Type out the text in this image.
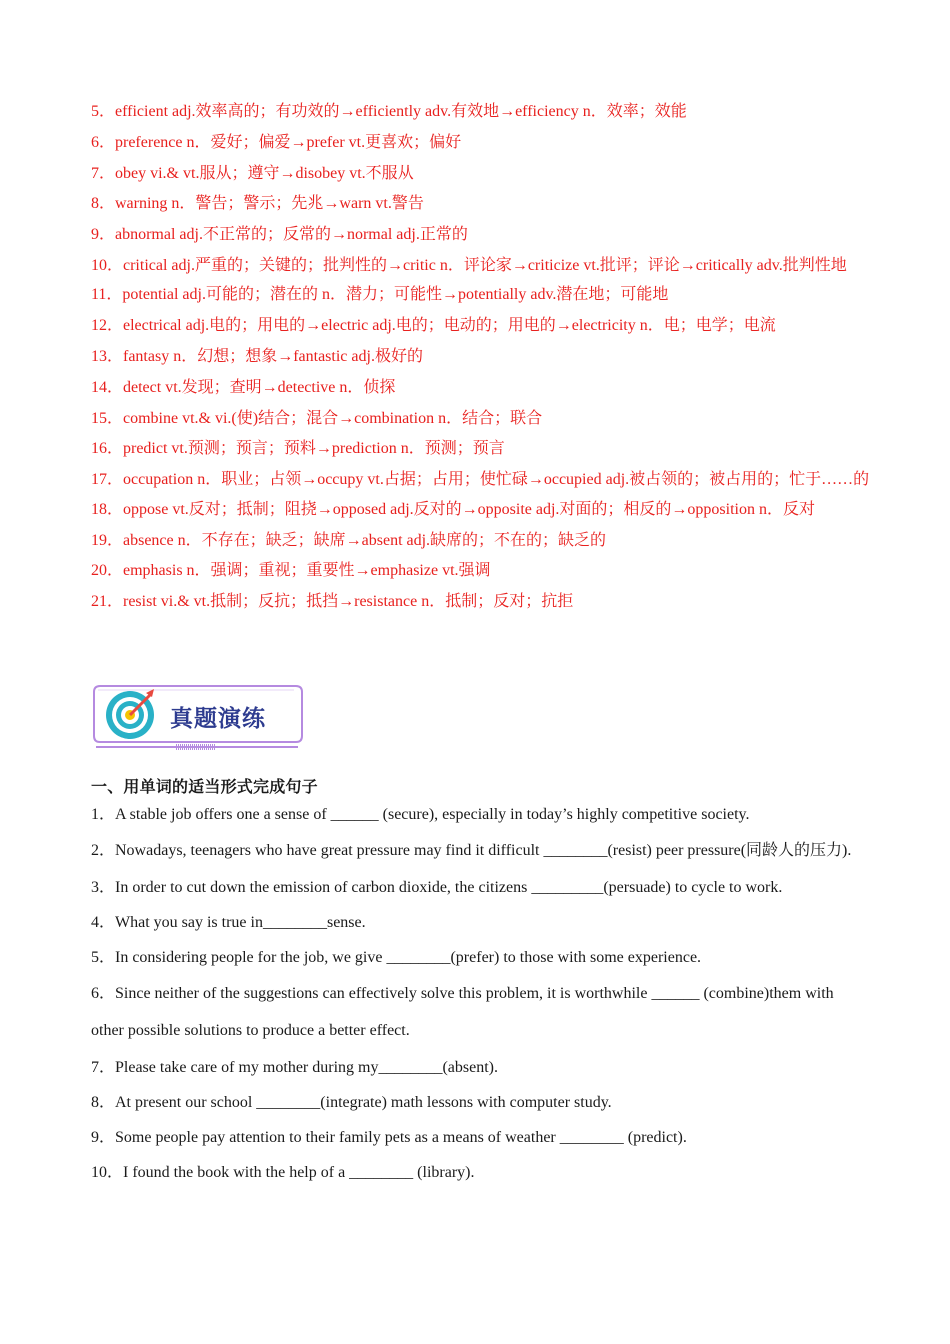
5．efficient adj.效率高的；有功效的→efficiently adv.有效地→efficiency n．效率；效能
6．preference n．爱好；偏爱→prefer vt.更喜欢；偏好
7．obey vi.& vt.服从；遵守→disobey vt.不服从
8．warning n．警告；警示；先兆→warn vt.警告
9．abnormal adj.不正常的；反常的→normal adj.正常的
10．critical adj.严重的；关键的；批判性的→critic n．评论家→criticize vt.批评；评论→critically adv.批判性地
11．potential adj.可能的；潜在的 n．潜力；可能性→potentially adv.潜在地；可能地
12．electrical adj.电的；用电的→electric adj.电的；电动的；用电的→electricity n．电；电学；电流
13．fantasy n．幻想；想象→fantastic adj.极好的
14．detect vt.发现；查明→detective n．侦探
15．combine vt.& vi.(使)结合；混合→combination n．结合；联合
16．predict vt.预测；预言；预料→prediction n．预测；预言
17．occupation n．职业；占领→occupy vt.占据；占用；使忙碌→occupied adj.被占领的；被占用的；忙于……的
18．oppose vt.反对；抵制；阻挠→opposed adj.反对的→opposite adj.对面的；相反的→opposition n．反对
19．absence n．不存在；缺乏；缺席→absent adj.缺席的；不在的；缺乏的
20．emphasis n．强调；重视；重要性→emphasize vt.强调
21．resist vi.& vt.抵制；反抗；抵挡→resistance n．抵制；反对；抗拒
真题演练
一、用单词的适当形式完成句子
1．A stable job offers one a sense of ______ (secure), especially in today’s highly competitive society.
2．Nowadays, teenagers who have great pressure may find it difficult ________(resist) peer pressure(同龄人的压力).
3．In order to cut down the emission of carbon dioxide, the citizens _________(persuade) to cycle to work.
4．What you say is true in________sense.
5．In considering people for the job, we give ________(prefer) to those with some experience.
6．Since neither of the suggestions can effectively solve this problem, it is worthwhile ______ (combine)them with other possible solutions to produce a better effect.
7．Please take care of my mother during my________(absent).
8．At present our school ________(integrate) math lessons with computer study.
9．Some people pay attention to their family pets as a means of weather ________ (predict).
10．I found the book with the help of a ________ (library).
